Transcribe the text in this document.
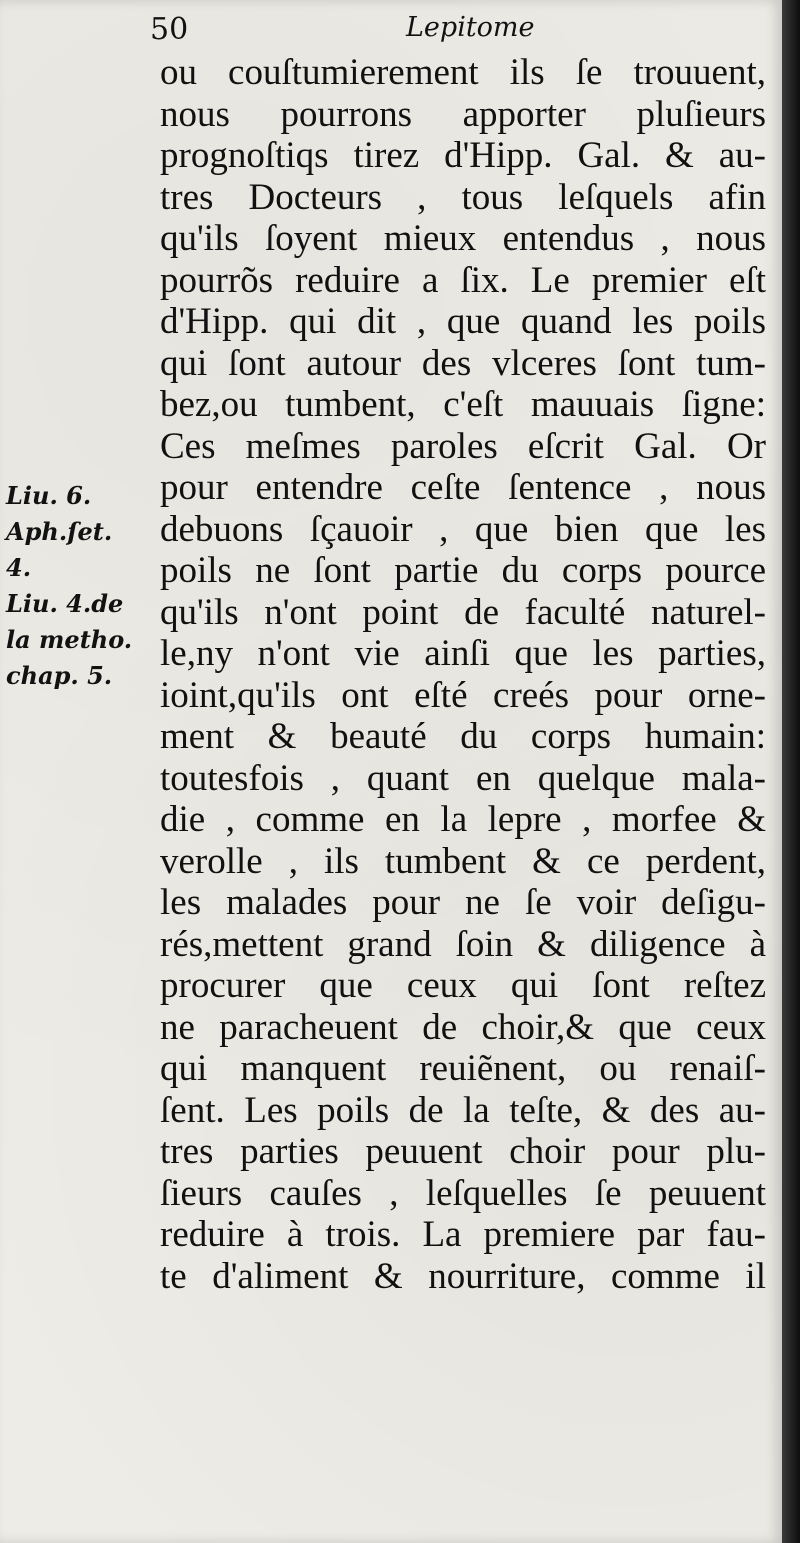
50	Lepitome
Liu. 6.
Aph.ſet.
4.
Liu. 4.de
la metho.
chap. 5.
ou couſtumierement ils ſe trouuent,
nous pourrons apporter pluſieurs
prognoſtiqs tirez d'Hipp. Gal. & au-
tres Docteurs , tous leſquels afin
qu'ils ſoyent mieux entendus , nous
pourrõs reduire a ſix. Le premier eſt
d'Hipp. qui dit , que quand les poils
qui ſont autour des vlceres ſont tum-
bez,ou tumbent, c'eſt mauuais ſigne:
Ces meſmes paroles eſcrit Gal. Or
pour entendre ceſte ſentence , nous
debuons ſçauoir , que bien que les
poils ne ſont partie du corps pource
qu'ils n'ont point de faculté naturel-
le,ny n'ont vie ainſi que les parties,
ioint,qu'ils ont eſté creés pour orne-
ment & beauté du corps humain:
toutesfois , quant en quelque mala-
die , comme en la lepre , morfee &
verolle , ils tumbent & ce perdent,
les malades pour ne ſe voir deſigu-
rés,mettent grand ſoin & diligence à
procurer que ceux qui ſont reſtez
ne paracheuent de choir,& que ceux
qui manquent reuiẽnent, ou renaiſ-
ſent. Les poils de la teſte, & des au-
tres parties peuuent choir pour plu-
ſieurs cauſes , leſquelles ſe peuuent
reduire à trois. La premiere par fau-
te d'aliment & nourriture, comme il
